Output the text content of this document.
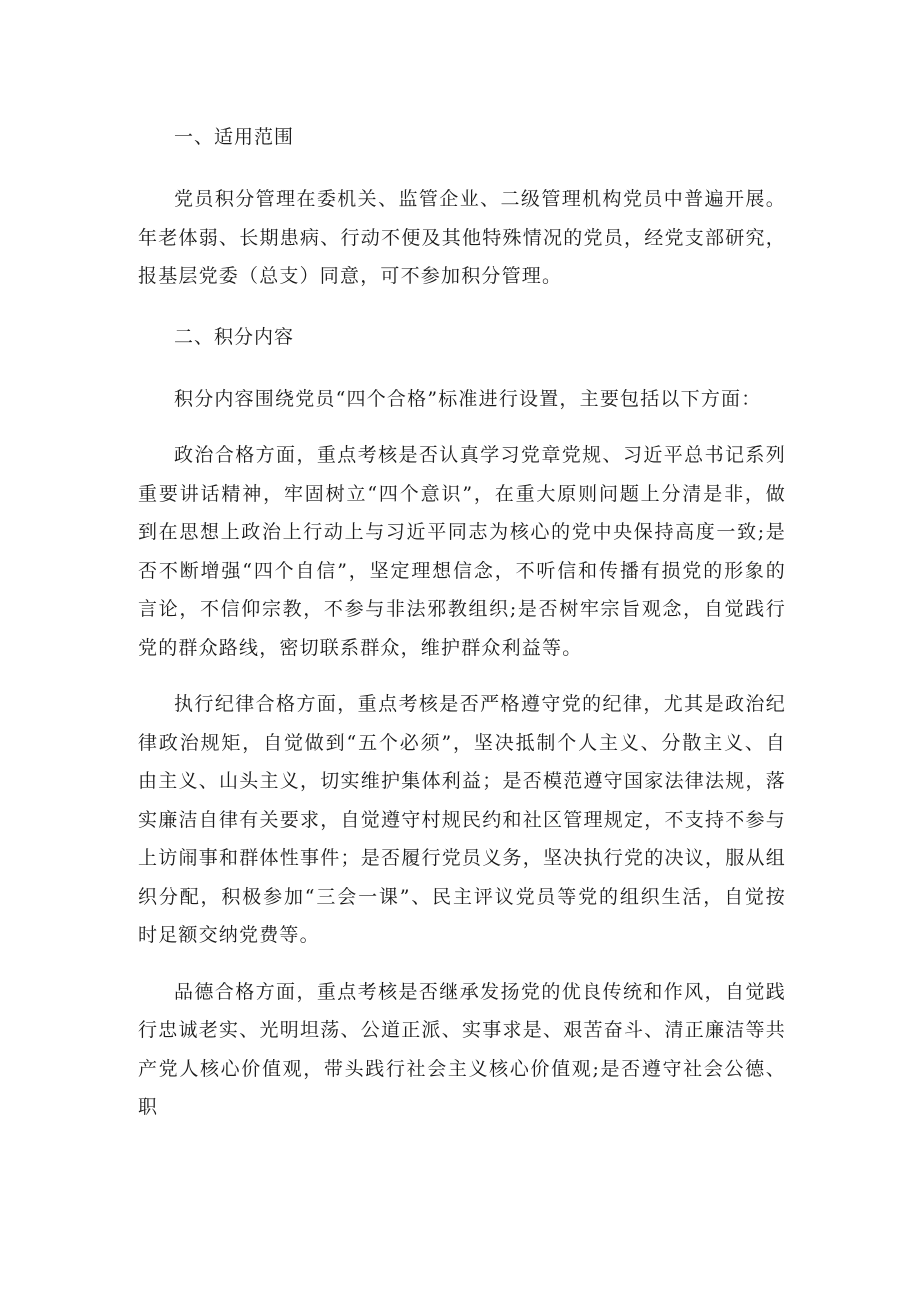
一、适用范围

党员积分管理在委机关、监管企业、二级管理机构党员中普遍开展。年老体弱、长期患病、行动不便及其他特殊情况的党员，经党支部研究，报基层党委（总支）同意，可不参加积分管理。

二、积分内容

积分内容围绕党员“四个合格”标准进行设置，主要包括以下方面：

政治合格方面，重点考核是否认真学习党章党规、习近平总书记系列重要讲话精神，牢固树立“四个意识”，在重大原则问题上分清是非，做到在思想上政治上行动上与习近平同志为核心的党中央保持高度一致;是否不断增强“四个自信”，坚定理想信念，不听信和传播有损党的形象的言论，不信仰宗教，不参与非法邪教组织;是否树牢宗旨观念，自觉践行党的群众路线，密切联系群众，维护群众利益等。

执行纪律合格方面，重点考核是否严格遵守党的纪律，尤其是政治纪律政治规矩，自觉做到“五个必须”，坚决抵制个人主义、分散主义、自由主义、山头主义，切实维护集体利益；是否模范遵守国家法律法规，落实廉洁自律有关要求，自觉遵守村规民约和社区管理规定，不支持不参与上访闹事和群体性事件；是否履行党员义务，坚决执行党的决议，服从组织分配，积极参加“三会一课”、民主评议党员等党的组织生活，自觉按时足额交纳党费等。

品德合格方面，重点考核是否继承发扬党的优良传统和作风，自觉践行忠诚老实、光明坦荡、公道正派、实事求是、艰苦奋斗、清正廉洁等共产党人核心价值观，带头践行社会主义核心价值观;是否遵守社会公德、职
